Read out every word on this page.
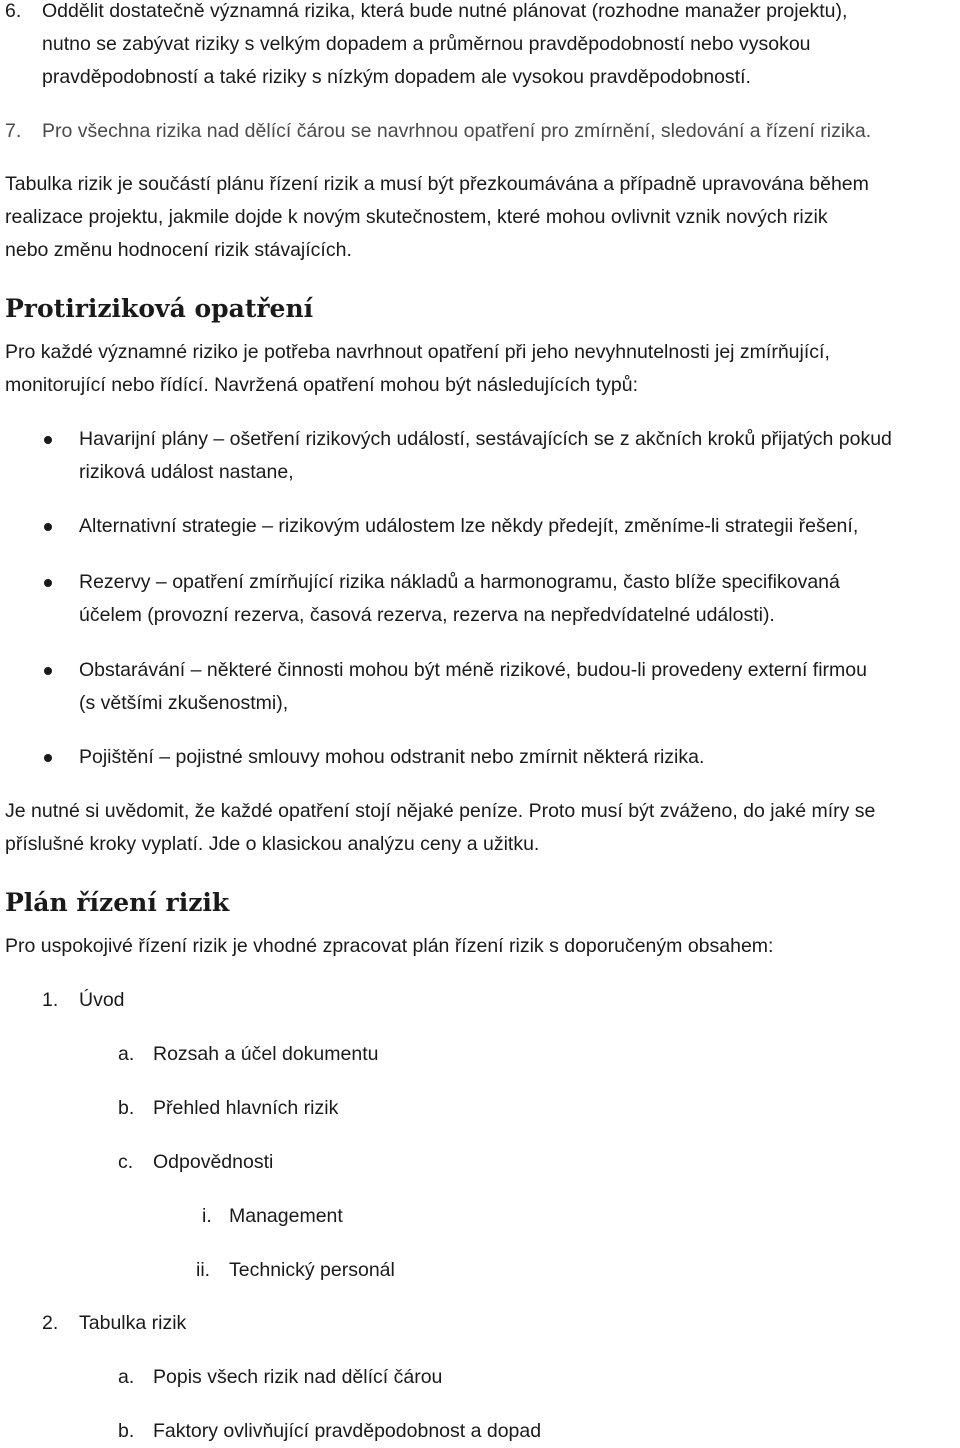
6. Oddělit dostatečně významná rizika, která bude nutné plánovat (rozhodne manažer projektu),
nutno se zabývat riziky s velkým dopadem a průměrnou pravděpodobností nebo vysokou
pravděpodobností a také riziky s nízkým dopadem ale vysokou pravděpodobností.
7. Pro všechna rizika nad dělící čárou se navrhnou opatření pro zmírnění, sledování a řízení rizika.
Tabulka rizik je součástí plánu řízení rizik a musí být přezkoumávána a případně upravována během
realizace projektu, jakmile dojde k novým skutečnostem, které mohou ovlivnit vznik nových rizik
nebo změnu hodnocení rizik stávajících.
Protiriziková opatření
Pro každé významné riziko je potřeba navrhnout opatření při jeho nevyhnutelnosti jej zmírňující,
monitorující nebo řídící. Navržená opatření mohou být následujících typů:
Havarijní plány – ošetření rizikových událostí, sestávajících se z akčních kroků přijatých pokud
riziková událost nastane,
Alternativní strategie – rizikovým událostem lze někdy předejít, změníme-li strategii řešení,
Rezervy – opatření zmírňující rizika nákladů a harmonogramu, často blíže specifikovaná
účelem (provozní rezerva, časová rezerva, rezerva na nepředvídatelné události).
Obstarávání – některé činnosti mohou být méně rizikové, budou-li provedeny externí firmou
(s většími zkušenostmi),
Pojištění – pojistné smlouvy mohou odstranit nebo zmírnit některá rizika.
Je nutné si uvědomit, že každé opatření stojí nějaké peníze. Proto musí být zváženo, do jaké míry se
příslušné kroky vyplatí. Jde o klasickou analýzu ceny a užitku.
Plán řízení rizik
Pro uspokojivé řízení rizik je vhodné zpracovat plán řízení rizik s doporučeným obsahem:
1. Úvod
a. Rozsah a účel dokumentu
b. Přehled hlavních rizik
c. Odpovědnosti
i. Management
ii. Technický personál
2. Tabulka rizik
a. Popis všech rizik nad dělící čárou
b. Faktory ovlivňující pravděpodobnost a dopad
